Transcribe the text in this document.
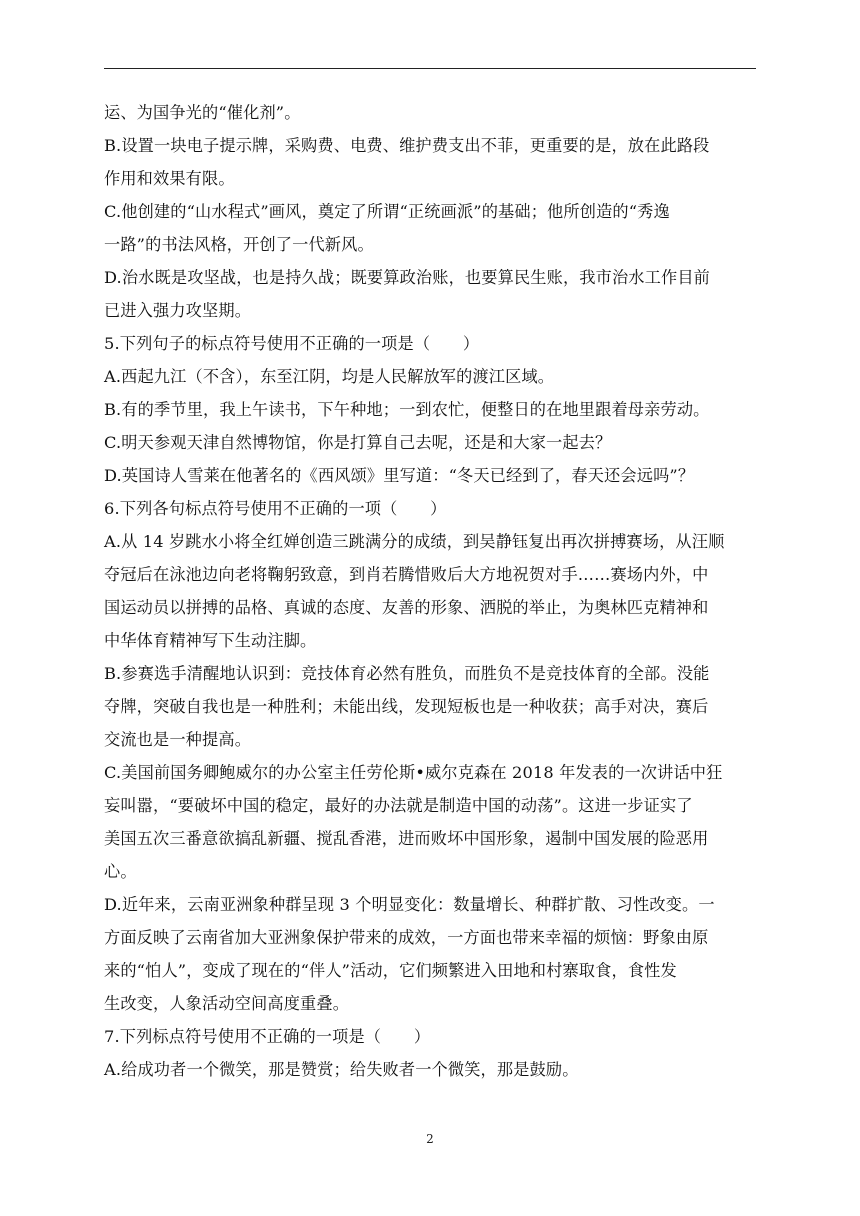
运、为国争光的“催化剂”。
B.设置一块电子提示牌，采购费、电费、维护费支出不菲，更重要的是，放在此路段
作用和效果有限。
C.他创建的“山水程式”画风，奠定了所谓“正统画派”的基础；他所创造的“秀逸
一路”的书法风格，开创了一代新风。
D.治水既是攻坚战，也是持久战；既要算政治账，也要算民生账，我市治水工作目前
已进入强力攻坚期。
5.下列句子的标点符号使用不正确的一项是（　　）
A.西起九江（不含），东至江阴，均是人民解放军的渡江区域。
B.有的季节里，我上午读书，下午种地；一到农忙，便整日的在地里跟着母亲劳动。
C.明天参观天津自然博物馆，你是打算自己去呢，还是和大家一起去？
D.英国诗人雪莱在他著名的《西风颂》里写道：“冬天已经到了，春天还会远吗”？
6.下列各句标点符号使用不正确的一项（　　）
A.从 14 岁跳水小将全红婵创造三跳满分的成绩，到吴静钰复出再次拼搏赛场，从汪顺
夺冠后在泳池边向老将鞠躬致意，到肖若腾惜败后大方地祝贺对手……赛场内外，中
国运动员以拼搏的品格、真诚的态度、友善的形象、洒脱的举止，为奥林匹克精神和
中华体育精神写下生动注脚。
B.参赛选手清醒地认识到：竞技体育必然有胜负，而胜负不是竞技体育的全部。没能
夺牌，突破自我也是一种胜利；未能出线，发现短板也是一种收获；高手对决，赛后
交流也是一种提高。
C.美国前国务卿鲍威尔的办公室主任劳伦斯•威尔克森在 2018 年发表的一次讲话中狂
妄叫嚣，“要破坏中国的稳定，最好的办法就是制造中国的动荡”。这进一步证实了
美国五次三番意欲搞乱新疆、搅乱香港，进而败坏中国形象，遏制中国发展的险恶用
心。
D.近年来，云南亚洲象种群呈现 3 个明显变化：数量增长、种群扩散、习性改变。一
方面反映了云南省加大亚洲象保护带来的成效，一方面也带来幸福的烦恼：野象由原
来的“怕人”，变成了现在的“伴人”活动，它们频繁进入田地和村寨取食，食性发
生改变，人象活动空间高度重叠。
7.下列标点符号使用不正确的一项是（　　）
A.给成功者一个微笑，那是赞赏；给失败者一个微笑，那是鼓励。
2
